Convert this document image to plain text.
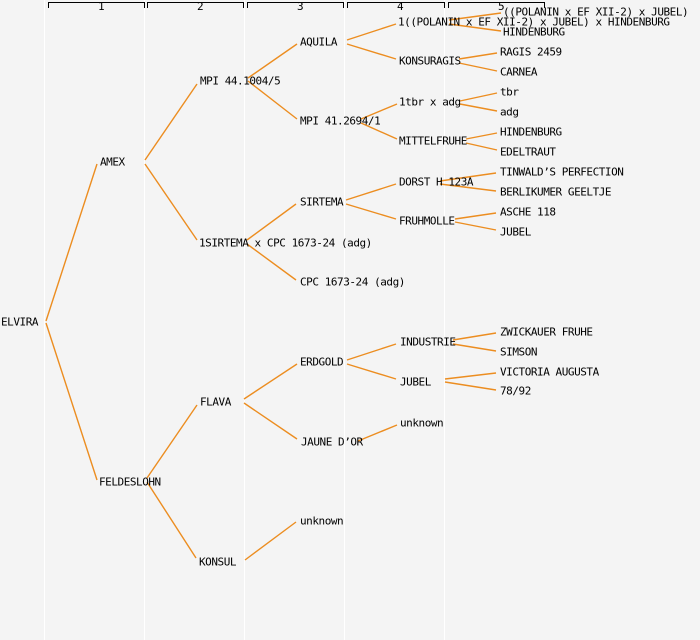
1	2	3	4	5
ELVIRA
AMEX
FELDESLOHN
MPI 44.1004/5
1SIRTEMA x CPC 1673-24 (adg)
FLAVA
KONSUL
AQUILA
MPI 41.2694/1
SIRTEMA
CPC 1673-24 (adg)
ERDGOLD
JAUNE D’OR
unknown
1((POLANIN x EF XII-2) x JUBEL) x HINDENBURG
KONSURAGIS
1tbr x adg
MITTELFRUHE
DORST H 123A
FRUHMOLLE
INDUSTRIE
JUBEL
unknown
((POLANIN x EF XII-2) x JUBEL)
HINDENBURG
RAGIS 2459
CARNEA
tbr
adg
HINDENBURG
EDELTRAUT
TINWALD’S PERFECTION
BERLIKUMER GEELTJE
ASCHE 118
JUBEL
ZWICKAUER FRUHE
SIMSON
VICTORIA AUGUSTA
78/92
